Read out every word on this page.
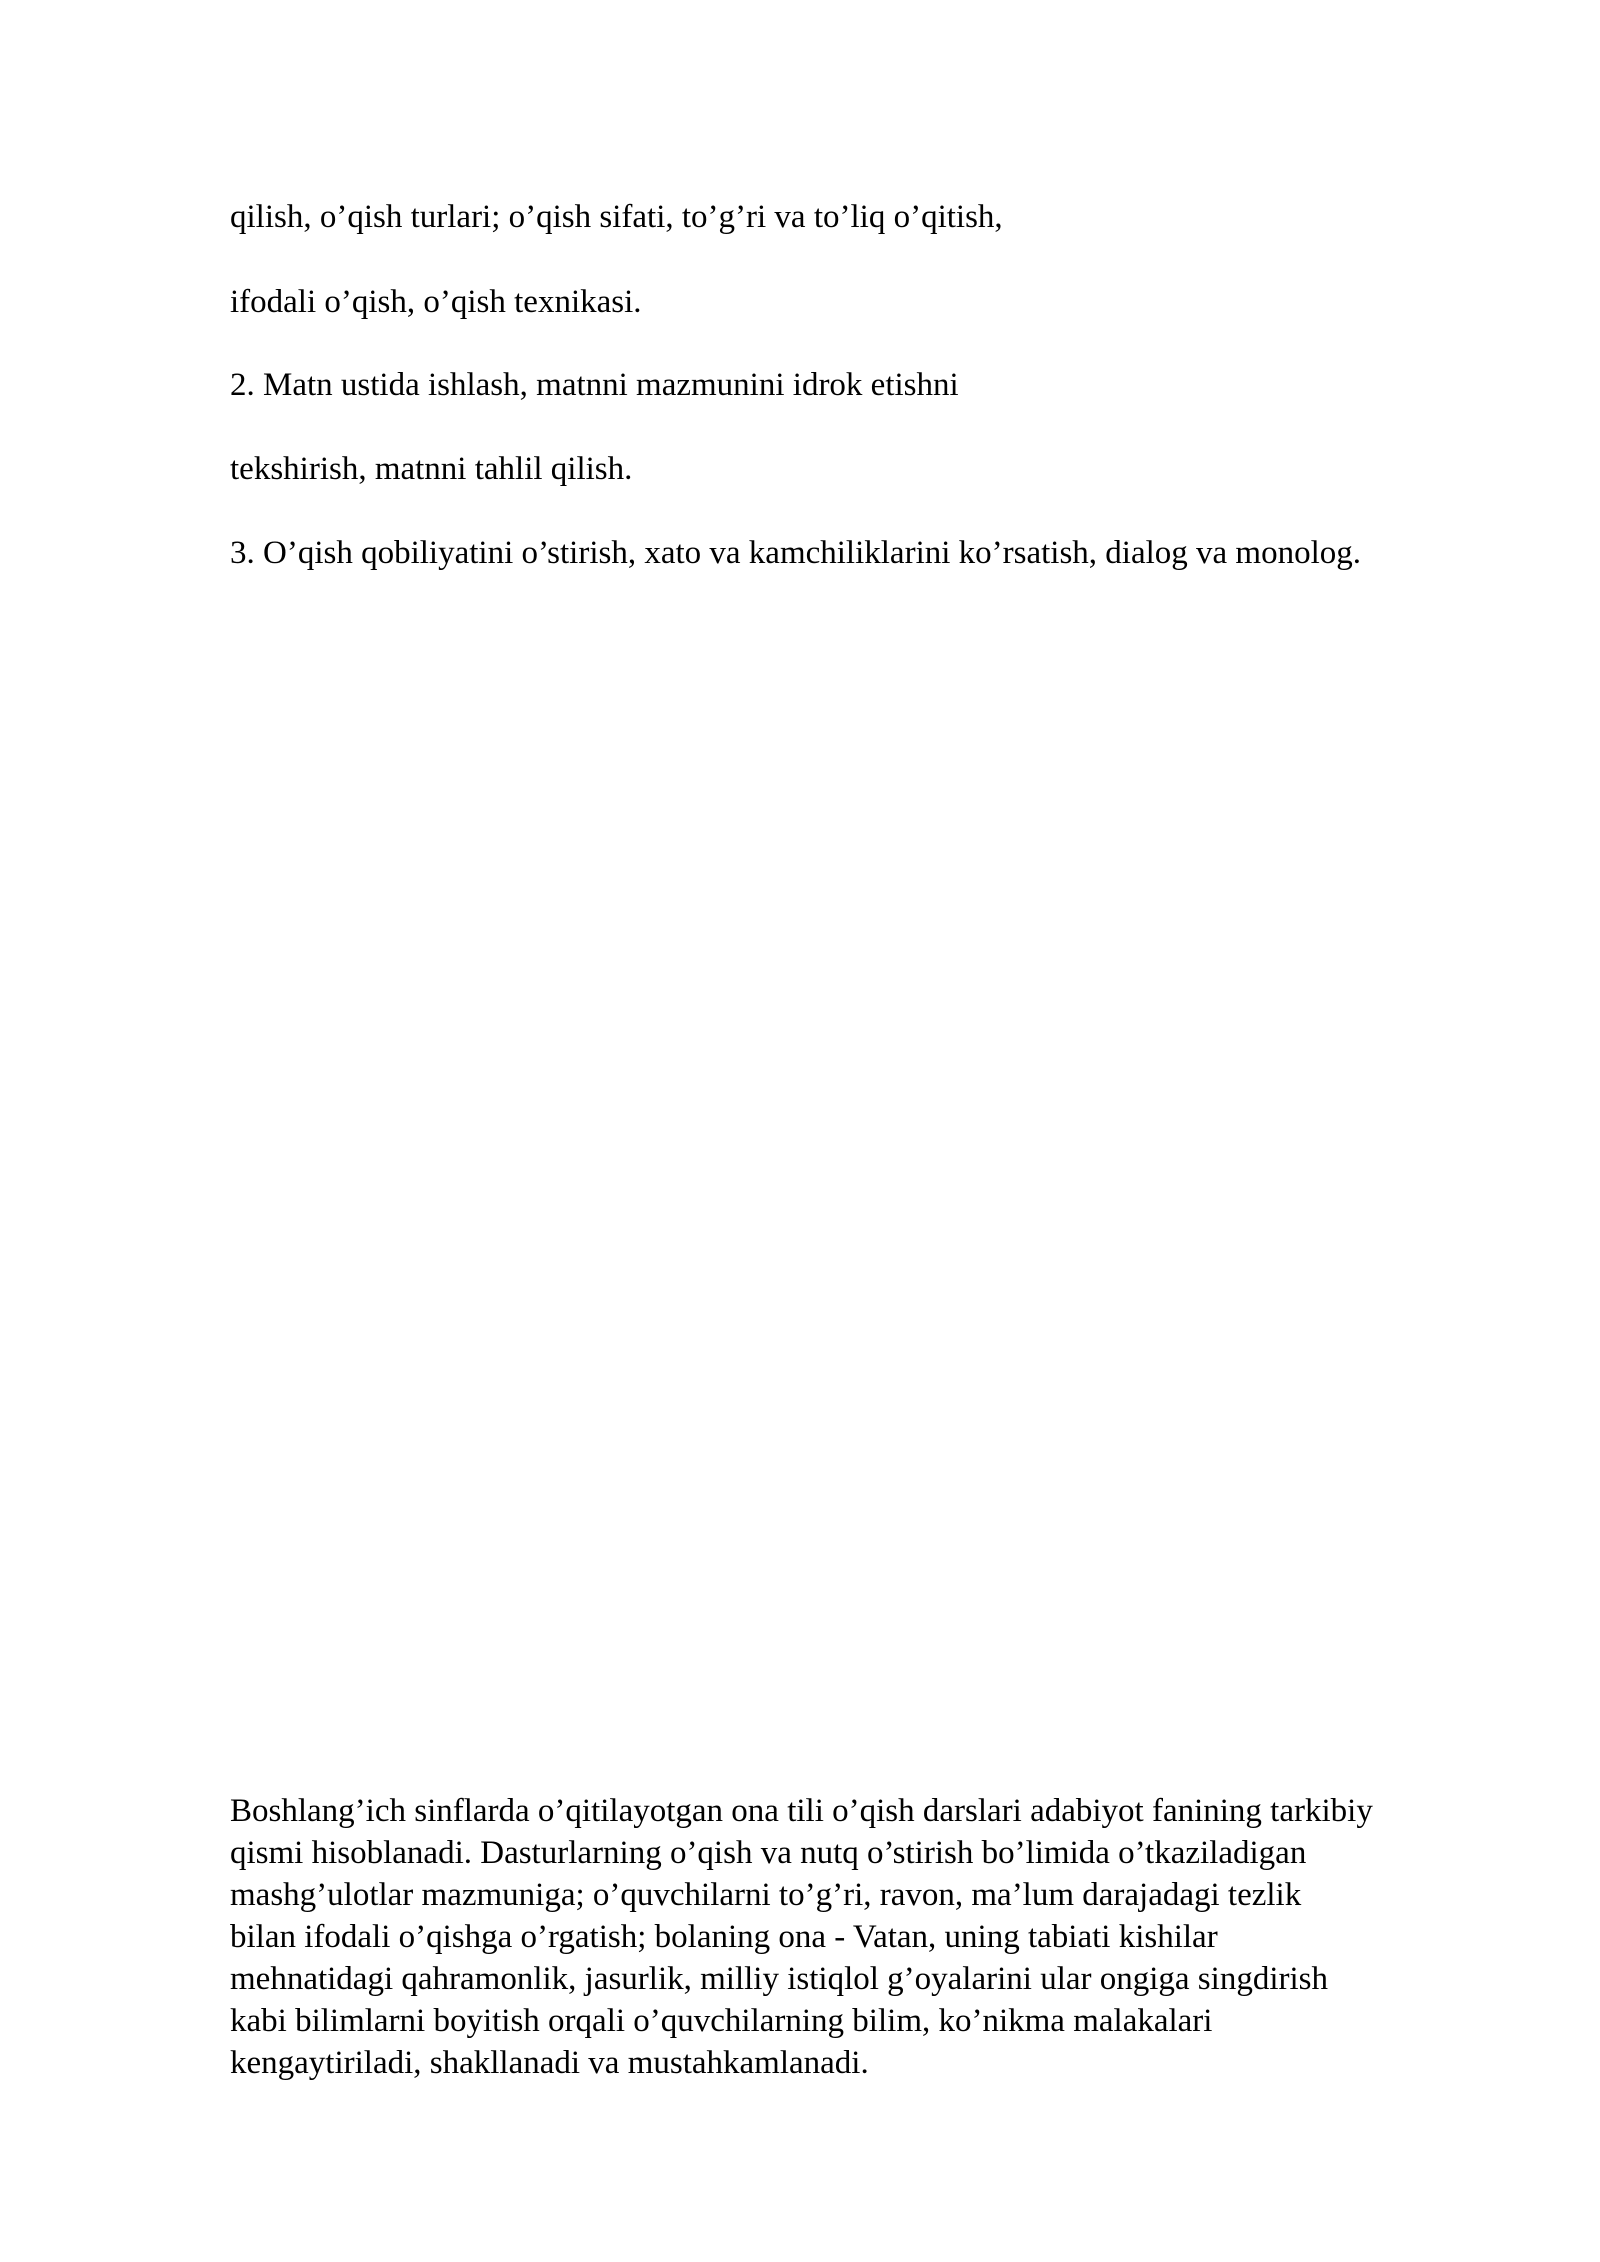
qilish, o’qish turlari; o’qish sifati, to’g’ri va to’liq o’qitish,
ifodali o’qish, o’qish texnikasi.
2. Matn ustida ishlash, matnni mazmunini idrok etishni
tekshirish, matnni tahlil qilish.
3. O’qish qobiliyatini o’stirish, xato va kamchiliklarini ko’rsatish, dialog va monolog.
Boshlang’ich sinflarda o’qitilayotgan ona tili o’qish darslari adabiyot fanining tarkibiy
qismi hisoblanadi. Dasturlarning o’qish va nutq o’stirish bo’limida o’tkaziladigan
mashg’ulotlar mazmuniga; o’quvchilarni to’g’ri, ravon, ma’lum darajadagi tezlik
bilan ifodali o’qishga o’rgatish; bolaning ona - Vatan, uning tabiati kishilar
mehnatidagi qahramonlik, jasurlik, milliy istiqlol g’oyalarini ular ongiga singdirish
kabi bilimlarni boyitish orqali o’quvchilarning bilim, ko’nikma malakalari
kengaytiriladi, shakllanadi va mustahkamlanadi.
